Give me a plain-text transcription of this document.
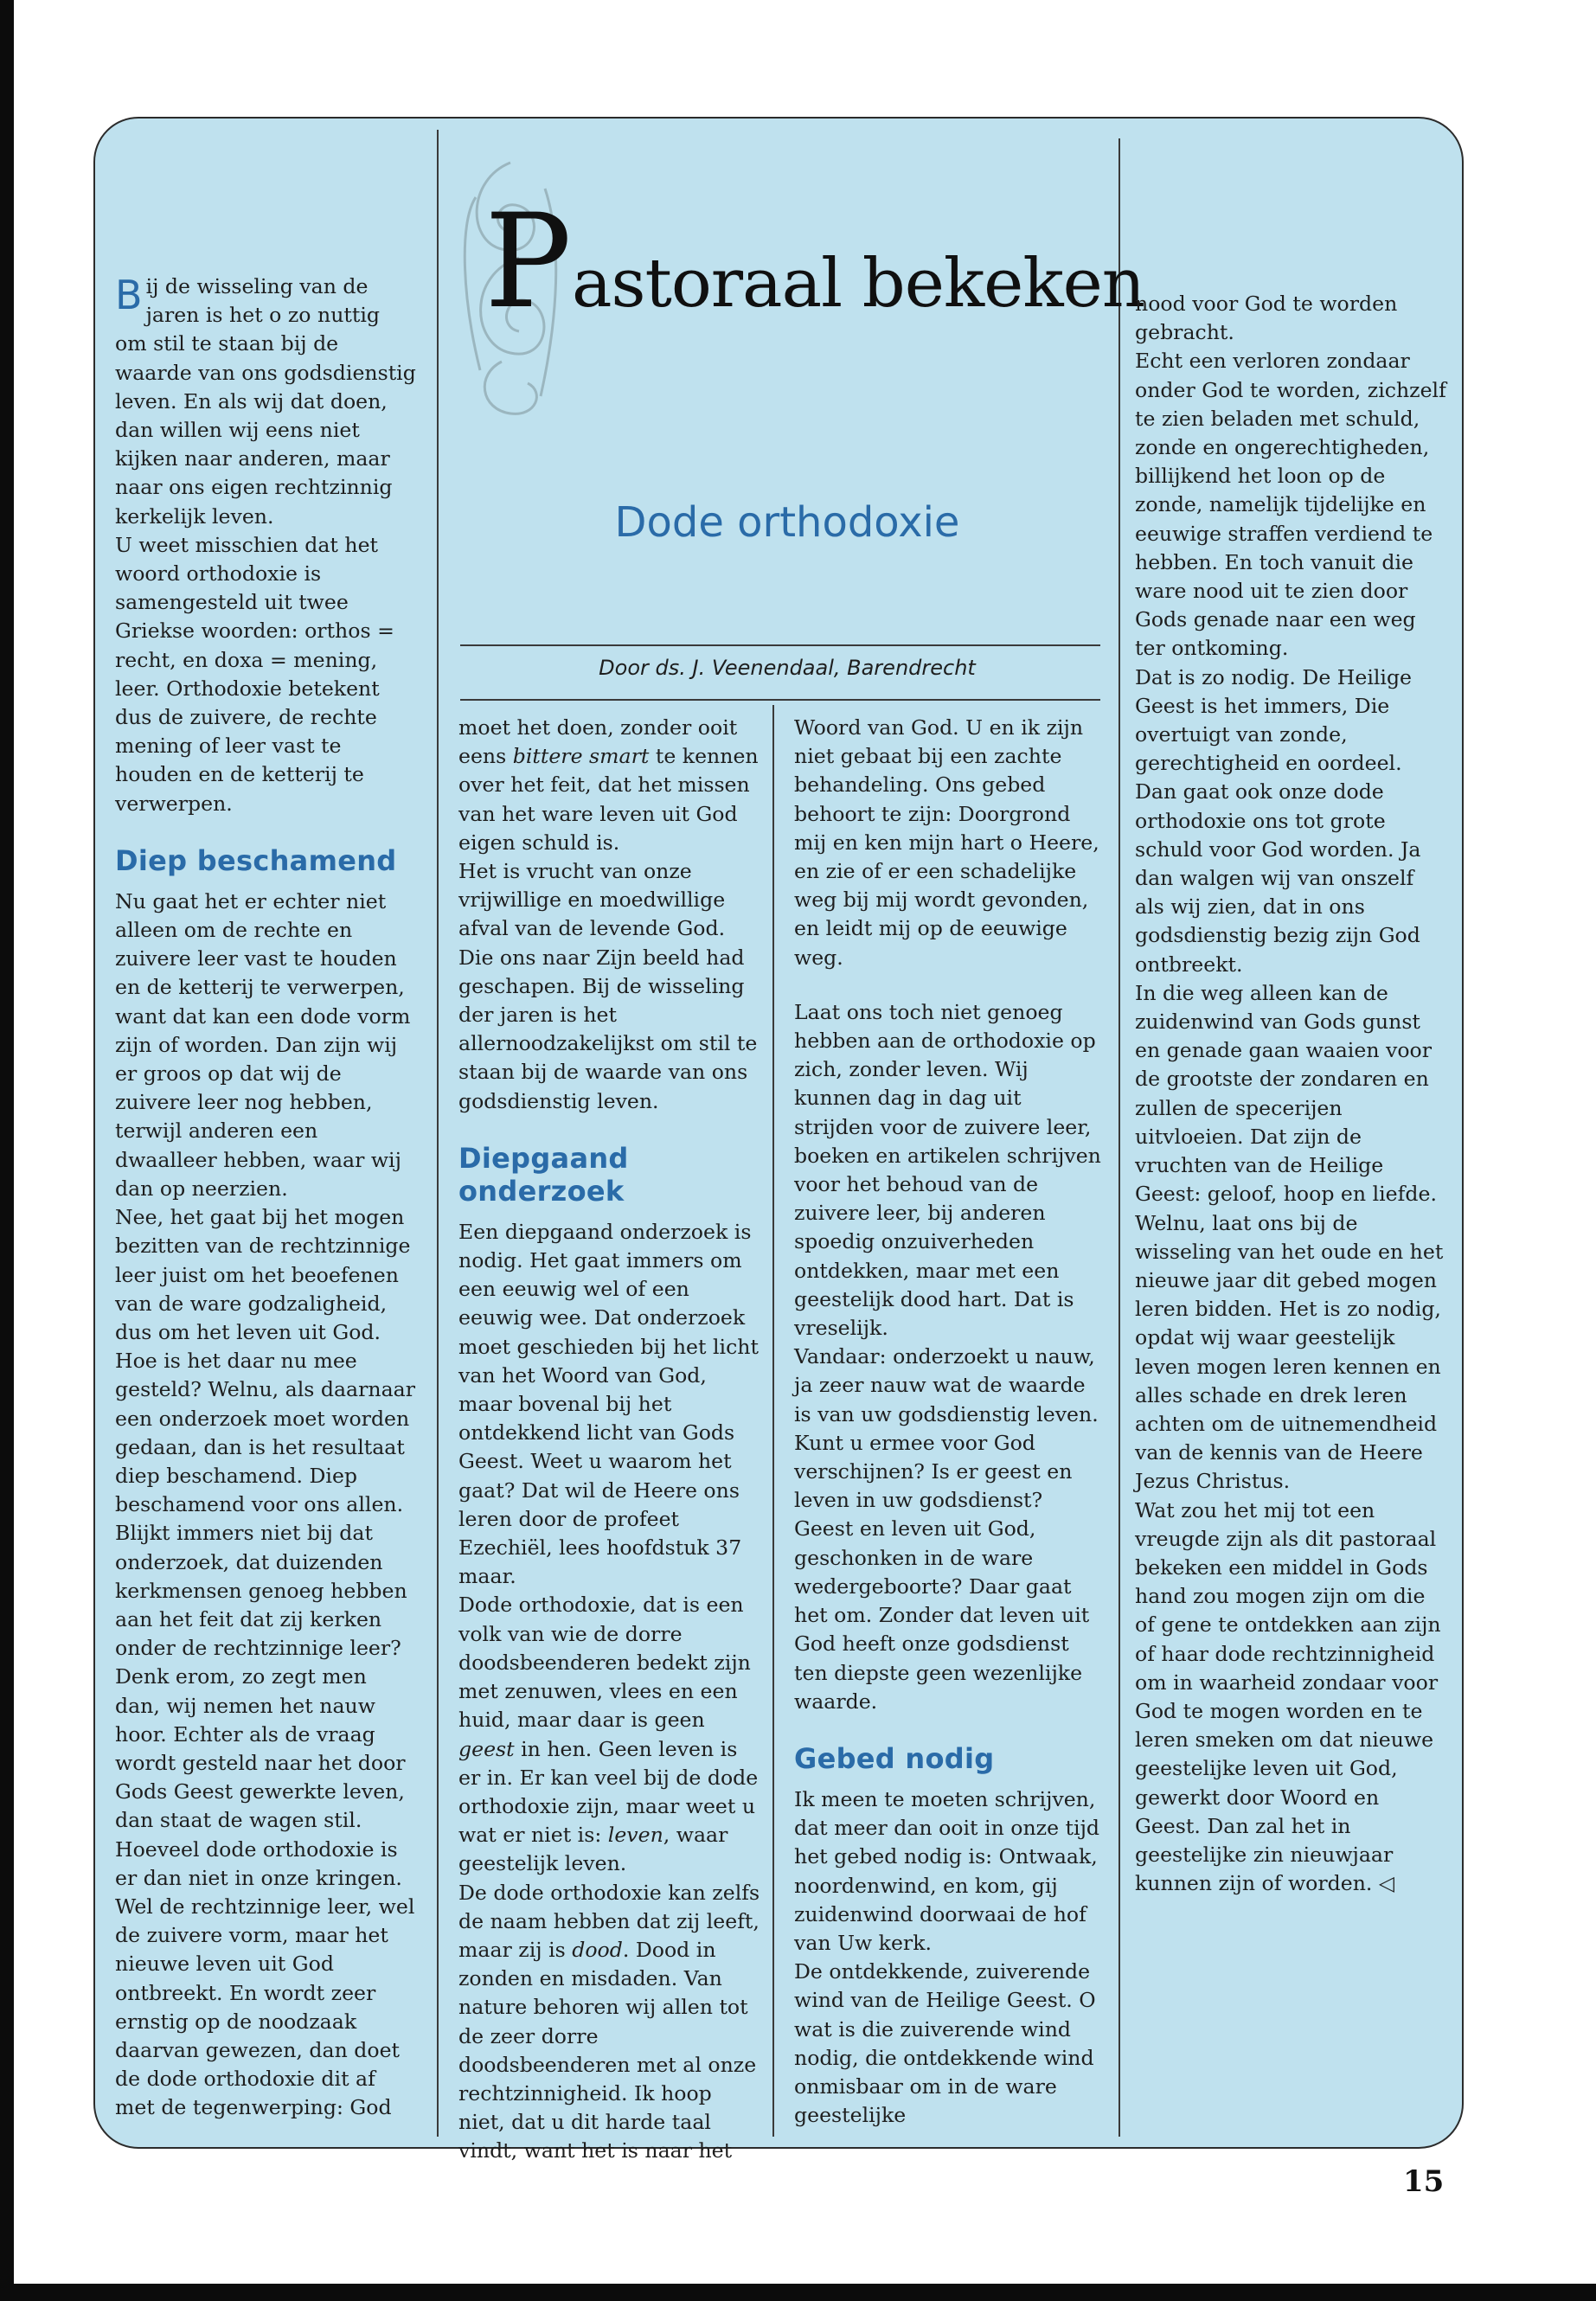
Pastoraal bekeken
Dode orthodoxie
Door ds. J. Veenendaal, Barendrecht

Bij de wisseling van de jaren is het o zo nuttig om stil te staan bij de waarde van ons godsdienstig leven. En als wij dat doen, dan willen wij eens niet kijken naar anderen, maar naar ons eigen rechtzinnig kerkelijk leven.

U weet misschien dat het woord orthodoxie is samengesteld uit twee Griekse woorden: orthos = recht, en doxa = mening, leer. Orthodoxie betekent dus de zuivere, de rechte mening of leer vast te houden en de ketterij te verwerpen.

Diep beschamend

Nu gaat het er echter niet alleen om de rechte en zuivere leer vast te houden en de ketterij te verwerpen, want dat kan een dode vorm zijn of worden. Dan zijn wij er groos op dat wij de zuivere leer nog hebben, terwijl anderen een dwaalleer hebben, waar wij dan op neerzien.

Nee, het gaat bij het mogen bezitten van de rechtzinnige leer juist om het beoefenen van de ware godzaligheid, dus om het leven uit God. Hoe is het daar nu mee gesteld? Welnu, als daarnaar een onderzoek moet worden gedaan, dan is het resultaat diep beschamend. Diep beschamend voor ons allen.

Blijkt immers niet bij dat onderzoek, dat duizenden kerkmensen genoeg hebben aan het feit dat zij kerken onder de rechtzinnige leer? Denk erom, zo zegt men dan, wij nemen het nauw hoor. Echter als de vraag wordt gesteld naar het door Gods Geest gewerkte leven, dan staat de wagen stil.

Hoeveel dode orthodoxie is er dan niet in onze kringen. Wel de rechtzinnige leer, wel de zuivere vorm, maar het nieuwe leven uit God ontbreekt. En wordt zeer ernstig op de noodzaak daarvan gewezen, dan doet de dode orthodoxie dit af met de tegenwerping: God

moet het doen, zonder ooit eens bittere smart te kennen over het feit, dat het missen van het ware leven uit God eigen schuld is.

Het is vrucht van onze vrijwillige en moedwillige afval van de levende God. Die ons naar Zijn beeld had geschapen. Bij de wisseling der jaren is het allernoodzakelijkst om stil te staan bij de waarde van ons godsdienstig leven.

Diepgaand onderzoek

Een diepgaand onderzoek is nodig. Het gaat immers om een eeuwig wel of een eeuwig wee. Dat onderzoek moet geschieden bij het licht van het Woord van God, maar bovenal bij het ontdekkend licht van Gods Geest. Weet u waarom het gaat? Dat wil de Heere ons leren door de profeet Ezechiël, lees hoofdstuk 37 maar.

Dode orthodoxie, dat is een volk van wie de dorre doodsbeenderen bedekt zijn met zenuwen, vlees en een huid, maar daar is geen geest in hen. Geen leven is er in. Er kan veel bij de dode orthodoxie zijn, maar weet u wat er niet is: leven, waar geestelijk leven.

De dode orthodoxie kan zelfs de naam hebben dat zij leeft, maar zij is dood. Dood in zonden en misdaden. Van nature behoren wij allen tot de zeer dorre doodsbeenderen met al onze rechtzinnigheid. Ik hoop niet, dat u dit harde taal vindt, want het is naar het

Woord van God. U en ik zijn niet gebaat bij een zachte behandeling. Ons gebed behoort te zijn: Doorgrond mij en ken mijn hart o Heere, en zie of er een schadelijke weg bij mij wordt gevonden, en leidt mij op de eeuwige weg.

Laat ons toch niet genoeg hebben aan de orthodoxie op zich, zonder leven. Wij kunnen dag in dag uit strijden voor de zuivere leer, boeken en artikelen schrijven voor het behoud van de zuivere leer, bij anderen spoedig onzuiverheden ontdekken, maar met een geestelijk dood hart. Dat is vreselijk.

Vandaar: onderzoekt u nauw, ja zeer nauw wat de waarde is van uw godsdienstig leven. Kunt u ermee voor God verschijnen? Is er geest en leven in uw godsdienst? Geest en leven uit God, geschonken in de ware wedergeboorte? Daar gaat het om. Zonder dat leven uit God heeft onze godsdienst ten diepste geen wezenlijke waarde.

Gebed nodig

Ik meen te moeten schrijven, dat meer dan ooit in onze tijd het gebed nodig is: Ontwaak, noordenwind, en kom, gij zuidenwind doorwaai de hof van Uw kerk.

De ontdekkende, zuiverende wind van de Heilige Geest. O wat is die zuiverende wind nodig, die ontdekkende wind onmisbaar om in de ware geestelijke

nood voor God te worden gebracht.

Echt een verloren zondaar onder God te worden, zichzelf te zien beladen met schuld, zonde en ongerechtigheden, billijkend het loon op de zonde, namelijk tijdelijke en eeuwige straffen verdiend te hebben. En toch vanuit die ware nood uit te zien door Gods genade naar een weg ter ontkoming.

Dat is zo nodig. De Heilige Geest is het immers, Die overtuigt van zonde, gerechtigheid en oordeel. Dan gaat ook onze dode orthodoxie ons tot grote schuld voor God worden. Ja dan walgen wij van onszelf als wij zien, dat in ons godsdienstig bezig zijn God ontbreekt.

In die weg alleen kan de zuidenwind van Gods gunst en genade gaan waaien voor de grootste der zondaren en zullen de specerijen uitvloeien. Dat zijn de vruchten van de Heilige Geest: geloof, hoop en liefde.

Welnu, laat ons bij de wisseling van het oude en het nieuwe jaar dit gebed mogen leren bidden. Het is zo nodig, opdat wij waar geestelijk leven mogen leren kennen en alles schade en drek leren achten om de uitnemendheid van de kennis van de Heere Jezus Christus.

Wat zou het mij tot een vreugde zijn als dit pastoraal bekeken een middel in Gods hand zou mogen zijn om die of gene te ontdekken aan zijn of haar dode rechtzinnigheid om in waarheid zondaar voor God te mogen worden en te leren smeken om dat nieuwe geestelijke leven uit God, gewerkt door Woord en Geest. Dan zal het in geestelijke zin nieuwjaar kunnen zijn of worden. ◁

15
